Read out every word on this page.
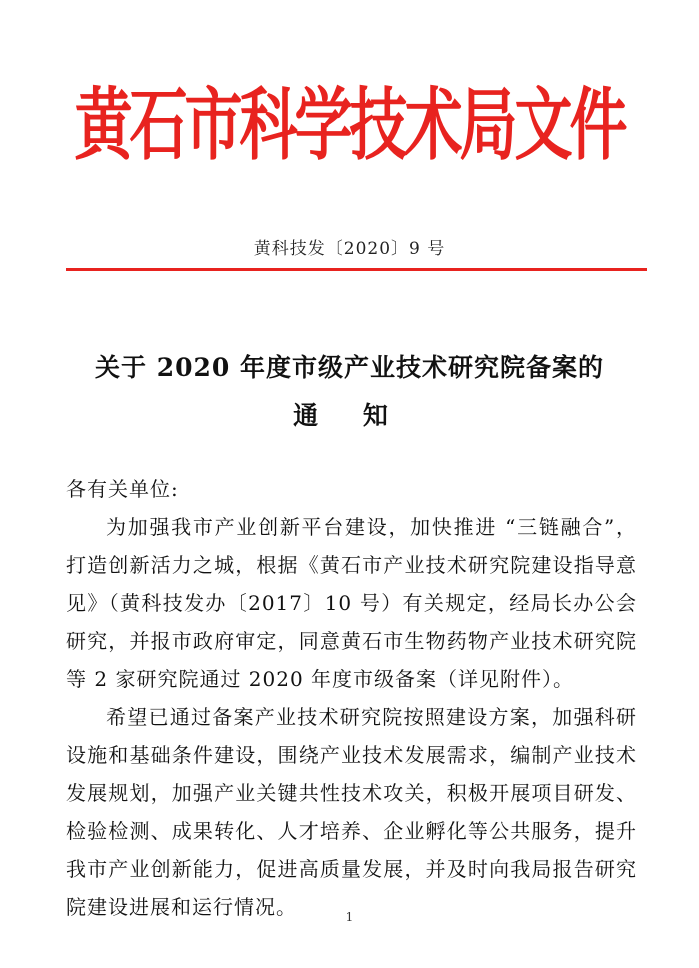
黄石市科学技术局文件
黄科技发〔2020〕9 号
关于 2020 年度市级产业技术研究院备案的
通 知
各有关单位:

为加强我市产业创新平台建设，加快推进 “三链融合”，打造创新活力之城，根据《黄石市产业技术研究院建设指导意见》（黄科技发办〔2017〕10 号）有关规定，经局长办公会研究，并报市政府审定，同意黄石市生物药物产业技术研究院等 2 家研究院通过 2020 年度市级备案（详见附件）。

希望已通过备案产业技术研究院按照建设方案，加强科研设施和基础条件建设，围绕产业技术发展需求，编制产业技术发展规划，加强产业关键共性技术攻关，积极开展项目研发、检验检测、成果转化、人才培养、企业孵化等公共服务，提升我市产业创新能力，促进高质量发展，并及时向我局报告研究院建设进展和运行情况。	1
